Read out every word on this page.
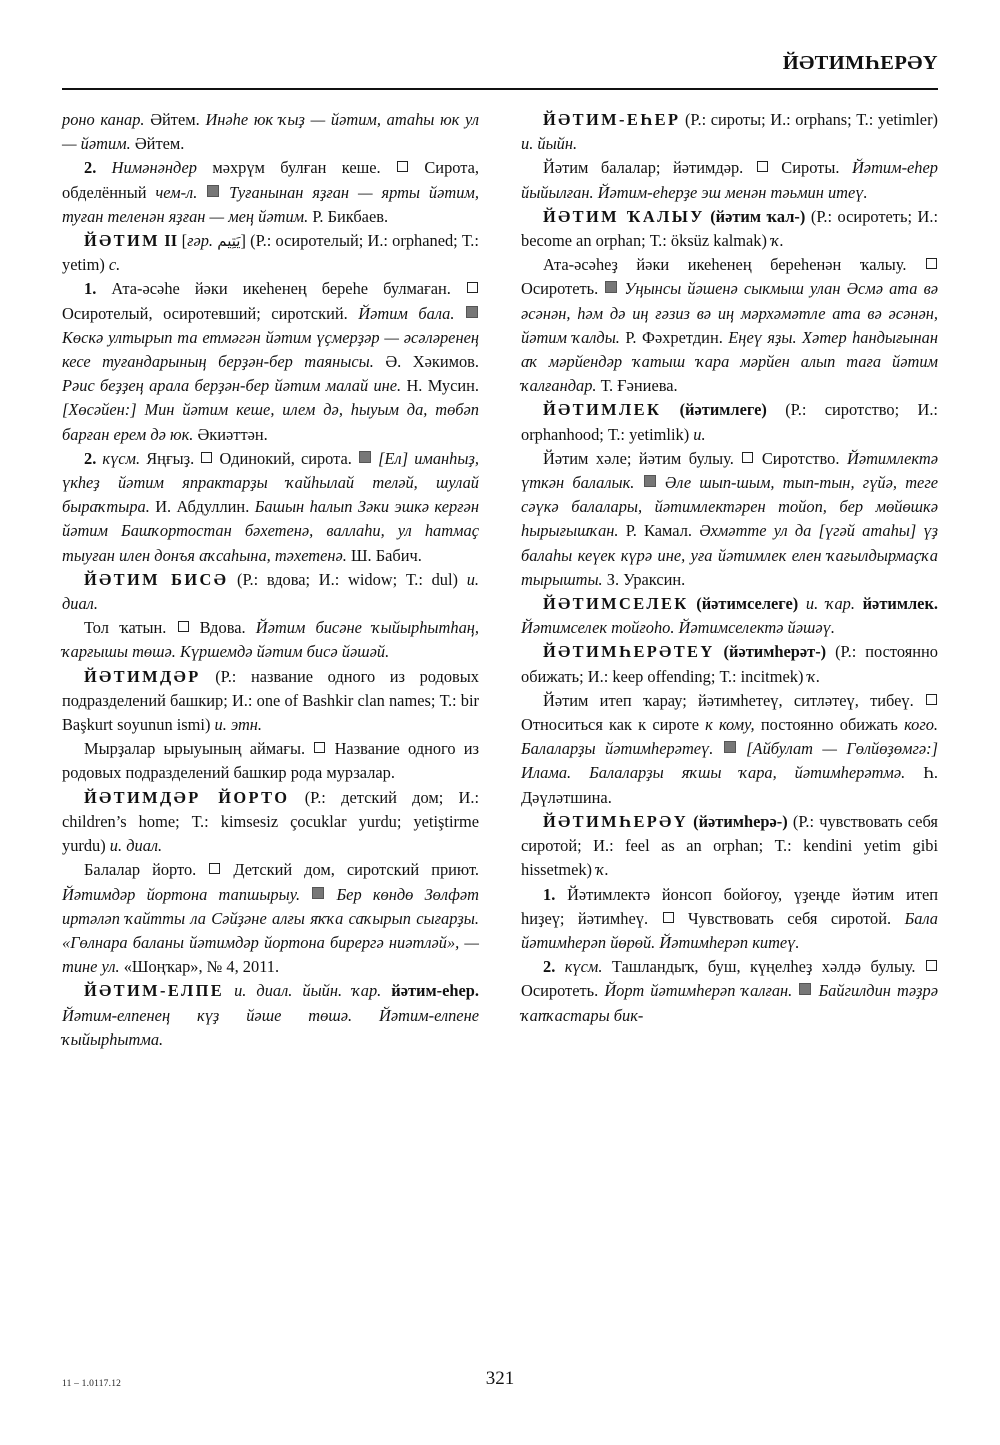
ЙӘТИМҺЕРӘҮ

роно канар. Әйтем. Инәһе юк ҡыҙ — йәтим, атаһы юк ул — йәтим. Әйтем.

2. Нимәнәндер мәхрүм булған кеше.	Сирота, обделённый чем-л. Туғанынан яҙған — ярты йәтим, туған теленән яҙған — мең йәтим. Р. Бикбаев.

ЙӘТИМ II [ғәр. يَتِيم] (Р.: осиротелый; И.: orphaned; Т.: yetim) с.

1. Ата-әсәһе йәки икеһенең береһе булмаған.  Осиротелый, осиротевший; сиротский. Йәтим бала.  Көскә ултырып та етмәгән йәтим үҫмерҙәр — әсәләренең кесе туғандарының берҙән-бер таянысы. Ә. Хәкимов. Рәис беҙҙең арала берҙән-бер йәтим малай ине. Н. Мусин. [Хөсәйен:] Мин йәтим кеше, илем дә, һыуым да, төбәп барған ерем дә юк. Әкиәттән.

2. күсм. Яңғыҙ. Одинокий, сирота. [Ел] иманһыҙ, үкһеҙ йәтим япрактарҙы ҡайһылай теләй, шулай быраҡтыра. И. Абдуллин. Башын һалып Зәки эшкә керғән йәтим Башҡортостан бәхетенә, валлаһи, ул һатмаҫ тыуған илен донъя аҡсаһына, тәхетенә. Ш. Бабич.

ЙӘТИМ БИСӘ (Р.: вдова; И.: widow; Т.: dul) и. диал.

Тол ҡатын. Вдова. Йәтим бисәне ҡыйырһытһаң, ҡарғышы төшә. Күршемдә йәтим бисә йәшәй.

ЙӘТИМДӘР (Р.: название одного из родовых подразделений башкир; И.: one of Bashkir clan names; Т.: bir Başkurt soyunun ismi) и. этн.

Мырҙалар ырыуының аймағы. Название одного из родовых подразделений башкир рода мурзалар.

ЙӘТИМДӘР ЙОРТО (Р.: детский дом; И.: children’s home; Т.: kimsesiz çocuklar yurdu; yetiştirme yurdu) и. диал.

Балалар йорто. Детский дом, сиротский приют. Йәтимдәр йортона тапшырыу. Бер көндө Зөлфәт иртәләп ҡайтты ла Сәйҙәне алғы яҡҡа саҡырып сығарҙы. «Гөлнара баланы йәтимдәр йортона бирергә ниәтләй», — тине ул. «Шоңҡар», № 4, 2011.

ЙӘТИМ-ЕЛПЕ и. диал. йыйн. ҡар. йәтим-еһер. Йәтим-елпенең күҙ йәше төшә. Йәтим-елпене ҡыйырһытма.

ЙӘТИМ-ЕҺЕР (Р.: сироты; И.: orphans; Т.: yetimler) и. йыйн.

Йәтим балалар; йәтимдәр. Сироты. Йәтим-еһер йыйылған. Йәтим-еһерҙе эш менән тәьмин итеү.

ЙӘТИМ ҠАЛЫУ (йәтим ҡал-) (Р.: осиротеть; И.: become an orphan; Т.: öksüz kalmak) ҡ.

Ата-әсәһеҙ йәки икеһенең береһенән ҡалыу.  Осиротеть. Уңынсы йәшенә сыкмыш улан Әсмә ата вә әсәнән, һәм дә иң ғәзиз вә иң мәрхәмәтле ата вә әсәнән, йәтим ҡалды. Р. Фәхретдин. Еңеү яҙы. Хәтер һандығынан аҡ мәрйендәр ҡатыш ҡара мәрйен алып таға йәтим ҡалғандар. Т. Ғәниева.

ЙӘТИМЛЕК (йәтимлеге) (Р.: сиротство; И.: orphanhood; Т.: yetimlik) и.

Йәтим хәле; йәтим булыу. Сиротство. Йәтимлектә үткән балалык. Әле шып-шым, тып-тын, гүйә, теге сәүкә балалары, йәтимлектәрен тойоп, бер мөйөшкә һырығышҡан. Р. Камал. Әхмәтте ул да [үгәй атаһы] үҙ балаһы кеүек күрә ине, уға йәтимлек елен ҡағылдырмаҫҡа тырышты. З. Ураксин.

ЙӘТИМСЕЛЕК (йәтимселеге) и. ҡар. йәтимлек. Йәтимселек тойғоһо. Йәтимселектә йәшәү.

ЙӘТИМҺЕРӘТЕҮ (йәтимһерәт-) (Р.: постоянно обижать; И.: keep offending; Т.: incitmek) ҡ.

Йәтим итеп ҡарау; йәтимһетеү, ситләтеү, тибеү.  Относиться как к сироте к кому, постоянно обижать кого. Балаларҙы йәтимһерәтеү. [Айбулат — Гөлйөҙөмгә:] Илама. Балаларҙы яҡшы ҡара, йәтимһерәтмә. Һ. Дәүләтшина.

ЙӘТИМҺЕРӘҮ (йәтимһерә-) (Р.: чувствовать себя сиротой; И.: feel as an orphan; Т.: kendini yetim gibi hissetmek) ҡ.

1. Йәтимлектә йонсоп бойоғоу, үҙеңде йәтим итеп һиҙеү; йәтимһеү. Чувствовать себя сиротой. Бала йәтимһерәп йөрөй. Йәтимһерәп китеү.

2. күсм. Ташландыҡ, буш, күңелһеҙ хәлдә булыу.  Осиротеть. Йорт йәтимһерәп ҡалған. Байгилдин тәҙрә ҡапҡастары бик-

11 – 1.0117.12	321
